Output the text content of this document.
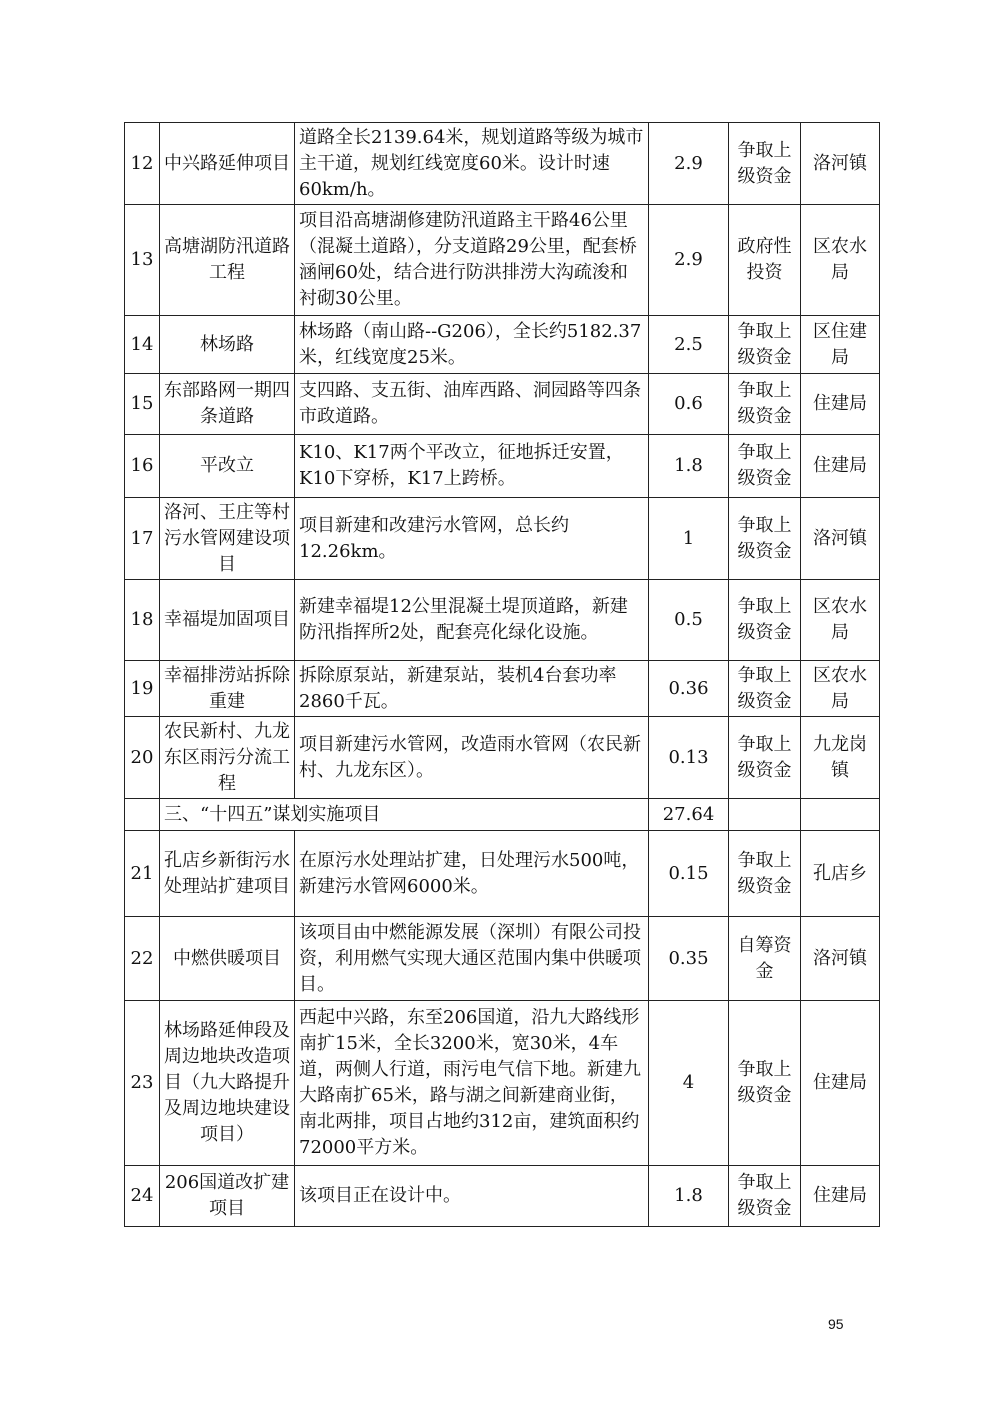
12	中兴路延伸项目	道路全长2139.64米，规划道路等级为城市主干道，规划红线宽度60米。设计时速60km/h。	2.9	争取上级资金	洛河镇
13	高塘湖防汛道路工程	项目沿高塘湖修建防汛道路主干路46公里（混凝土道路），分支道路29公里，配套桥涵闸60处，结合进行防洪排涝大沟疏浚和衬砌30公里。	2.9	政府性投资	区农水局
14	林场路	林场路（南山路--G206），全长约5182.37米，红线宽度25米。	2.5	争取上级资金	区住建局
15	东部路网一期四条道路	支四路、支五街、油库西路、洞园路等四条市政道路。	0.6	争取上级资金	住建局
16	平改立	K10、K17两个平改立，征地拆迁安置，K10下穿桥，K17上跨桥。	1.8	争取上级资金	住建局
17	洛河、王庄等村污水管网建设项目	项目新建和改建污水管网，总长约12.26km。	1	争取上级资金	洛河镇
18	幸福堤加固项目	新建幸福堤12公里混凝土堤顶道路，新建防汛指挥所2处，配套亮化绿化设施。	0.5	争取上级资金	区农水局
19	幸福排涝站拆除重建	拆除原泵站，新建泵站，装机4台套功率2860千瓦。	0.36	争取上级资金	区农水局
20	农民新村、九龙东区雨污分流工程	项目新建污水管网，改造雨水管网（农民新村、九龙东区）。	0.13	争取上级资金	九龙岗镇
	三、“十四五”谋划实施项目		27.64		
21	孔店乡新街污水处理站扩建项目	在原污水处理站扩建，日处理污水500吨，新建污水管网6000米。	0.15	争取上级资金	孔店乡
22	中燃供暖项目	该项目由中燃能源发展（深圳）有限公司投资，利用燃气实现大通区范围内集中供暖项目。	0.35	自筹资金	洛河镇
23	林场路延伸段及周边地块改造项目（九大路提升及周边地块建设项目）	西起中兴路，东至206国道，沿九大路线形南扩15米，全长3200米，宽30米，4车道，两侧人行道，雨污电气信下地。新建九大路南扩65米，路与湖之间新建商业街，南北两排，项目占地约312亩，建筑面积约72000平方米。	4	争取上级资金	住建局
24	206国道改扩建项目	该项目正在设计中。	1.8	争取上级资金	住建局
95
